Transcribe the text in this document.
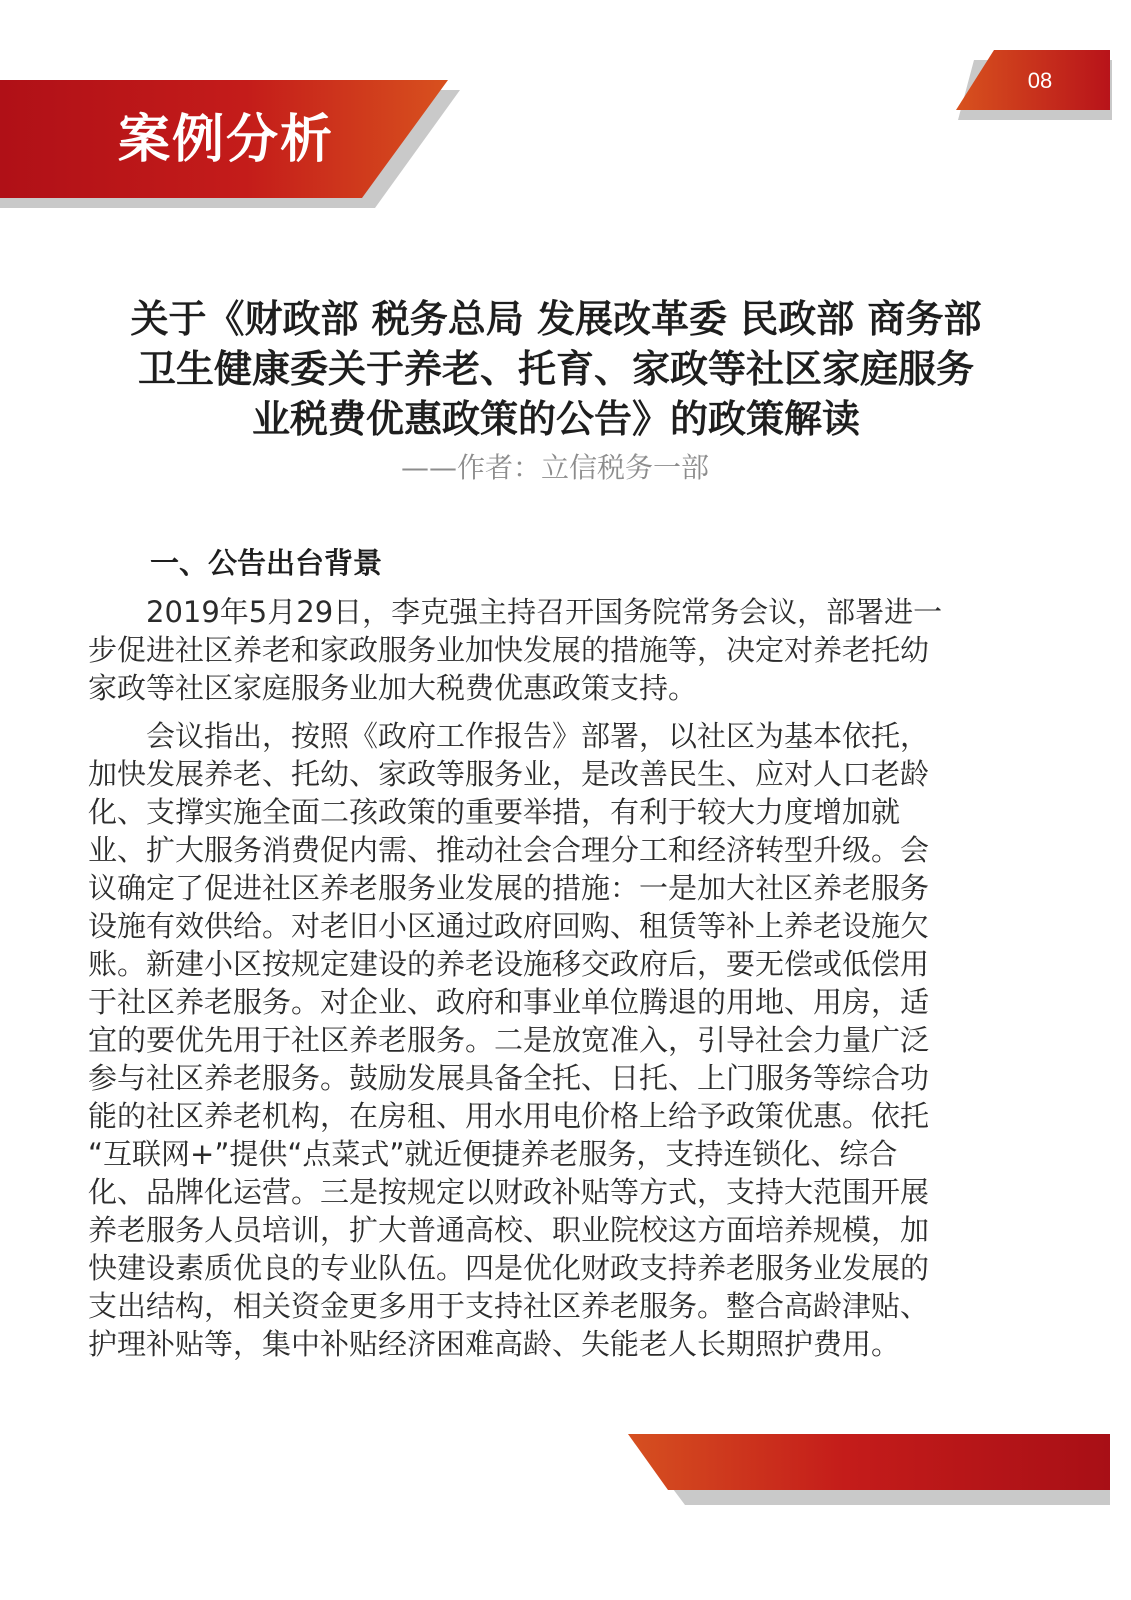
案例分析
08
关于《财政部 税务总局 发展改革委 民政部 商务部
卫生健康委关于养老、托育、家政等社区家庭服务
业税费优惠政策的公告》的政策解读
——作者：立信税务一部
一、公告出台背景
　　2019年5月29日，李克强主持召开国务院常务会议，部署进一
步促进社区养老和家政服务业加快发展的措施等，决定对养老托幼
家政等社区家庭服务业加大税费优惠政策支持。
　　会议指出，按照《政府工作报告》部署，以社区为基本依托，
加快发展养老、托幼、家政等服务业，是改善民生、应对人口老龄
化、支撑实施全面二孩政策的重要举措，有利于较大力度增加就
业、扩大服务消费促内需、推动社会合理分工和经济转型升级。会
议确定了促进社区养老服务业发展的措施：一是加大社区养老服务
设施有效供给。对老旧小区通过政府回购、租赁等补上养老设施欠
账。新建小区按规定建设的养老设施移交政府后，要无偿或低偿用
于社区养老服务。对企业、政府和事业单位腾退的用地、用房，适
宜的要优先用于社区养老服务。二是放宽准入，引导社会力量广泛
参与社区养老服务。鼓励发展具备全托、日托、上门服务等综合功
能的社区养老机构，在房租、用水用电价格上给予政策优惠。依托
“互联网+”提供“点菜式”就近便捷养老服务，支持连锁化、综合
化、品牌化运营。三是按规定以财政补贴等方式，支持大范围开展
养老服务人员培训，扩大普通高校、职业院校这方面培养规模，加
快建设素质优良的专业队伍。四是优化财政支持养老服务业发展的
支出结构，相关资金更多用于支持社区养老服务。整合高龄津贴、
护理补贴等，集中补贴经济困难高龄、失能老人长期照护费用。
